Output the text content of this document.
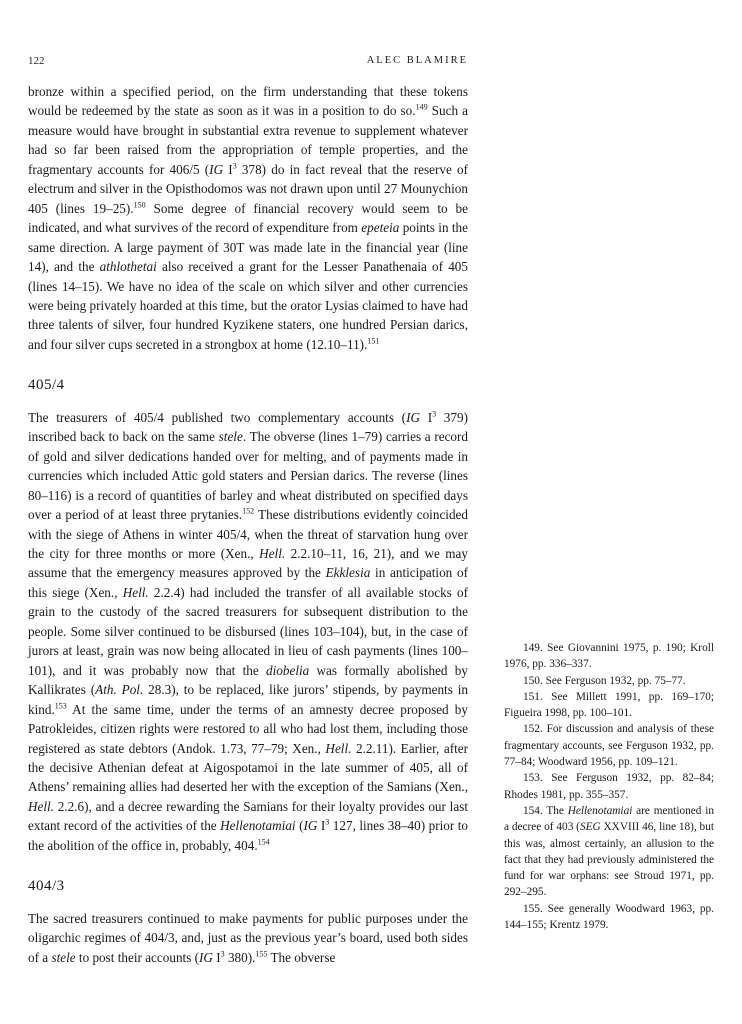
122	ALEC BLAMIRE

bronze within a specified period, on the firm understanding that these tokens would be redeemed by the state as soon as it was in a position to do so.$^{149}$ Such a measure would have brought in substantial extra revenue to supplement whatever had so far been raised from the appropriation of temple properties, and the fragmentary accounts for 406/5 (IG $I^3$ 378) do in fact reveal that the reserve of electrum and silver in the Opisthodomos was not drawn upon until 27 Mounychion 405 (lines 19–25).$^{150}$ Some degree of financial recovery would seem to be indicated, and what survives of the record of expenditure from epeteia points in the same direction. A large payment of 30T was made late in the financial year (line 14), and the athlothetai also received a grant for the Lesser Panathenaia of 405 (lines 14–15). We have no idea of the scale on which silver and other currencies were being privately hoarded at this time, but the orator Lysias claimed to have had three talents of silver, four hundred Kyzikene staters, one hundred Persian darics, and four silver cups secreted in a strongbox at home (12.10–11).$^{151}$

405/4

The treasurers of 405/4 published two complementary accounts (IG $I^3$ 379) inscribed back to back on the same stele. The obverse (lines 1–79) carries a record of gold and silver dedications handed over for melting, and of payments made in currencies which included Attic gold staters and Persian darics. The reverse (lines 80–116) is a record of quantities of barley and wheat distributed on specified days over a period of at least three prytanies.$^{152}$ These distributions evidently coincided with the siege of Athens in winter 405/4, when the threat of starvation hung over the city for three months or more (Xen., Hell. 2.2.10–11, 16, 21), and we may assume that the emergency measures approved by the Ekklesia in anticipation of this siege (Xen., Hell. 2.2.4) had included the transfer of all available stocks of grain to the custody of the sacred treasurers for subsequent distribution to the people. Some silver continued to be disbursed (lines 103–104), but, in the case of jurors at least, grain was now being allocated in lieu of cash payments (lines 100–101), and it was probably now that the diobelia was formally abolished by Kallikrates (Ath. Pol. 28.3), to be replaced, like jurors’ stipends, by payments in kind.$^{153}$ At the same time, under the terms of an amnesty decree proposed by Patrokleides, citizen rights were restored to all who had lost them, including those registered as state debtors (Andok. 1.73, 77–79; Xen., Hell. 2.2.11). Earlier, after the decisive Athenian defeat at Aigospotamoi in the late summer of 405, all of Athens’ remaining allies had deserted her with the exception of the Samians (Xen., Hell. 2.2.6), and a decree rewarding the Samians for their loyalty provides our last extant record of the activities of the Hellenotamiai (IG $I^3$ 127, lines 38–40) prior to the abolition of the office in, probably, 404.$^{154}$

404/3

The sacred treasurers continued to make payments for public purposes under the oligarchic regimes of 404/3, and, just as the previous year’s board, used both sides of a stele to post their accounts (IG $I^3$ 380).$^{155}$ The obverse

149. See Giovannini 1975, p. 190; Kroll 1976, pp. 336–337.

150. See Ferguson 1932, pp. 75–77.

151. See Millett 1991, pp. 169–170; Figueira 1998, pp. 100–101.

152. For discussion and analysis of these fragmentary accounts, see Ferguson 1932, pp. 77–84; Woodward 1956, pp. 109–121.

153. See Ferguson 1932, pp. 82–84; Rhodes 1981, pp. 355–357.

154. The Hellenotamiai are mentioned in a decree of 403 (SEG XXVIII 46, line 18), but this was, almost certainly, an allusion to the fact that they had previously administered the fund for war orphans: see Stroud 1971, pp. 292–295.

155. See generally Woodward 1963, pp. 144–155; Krentz 1979.
